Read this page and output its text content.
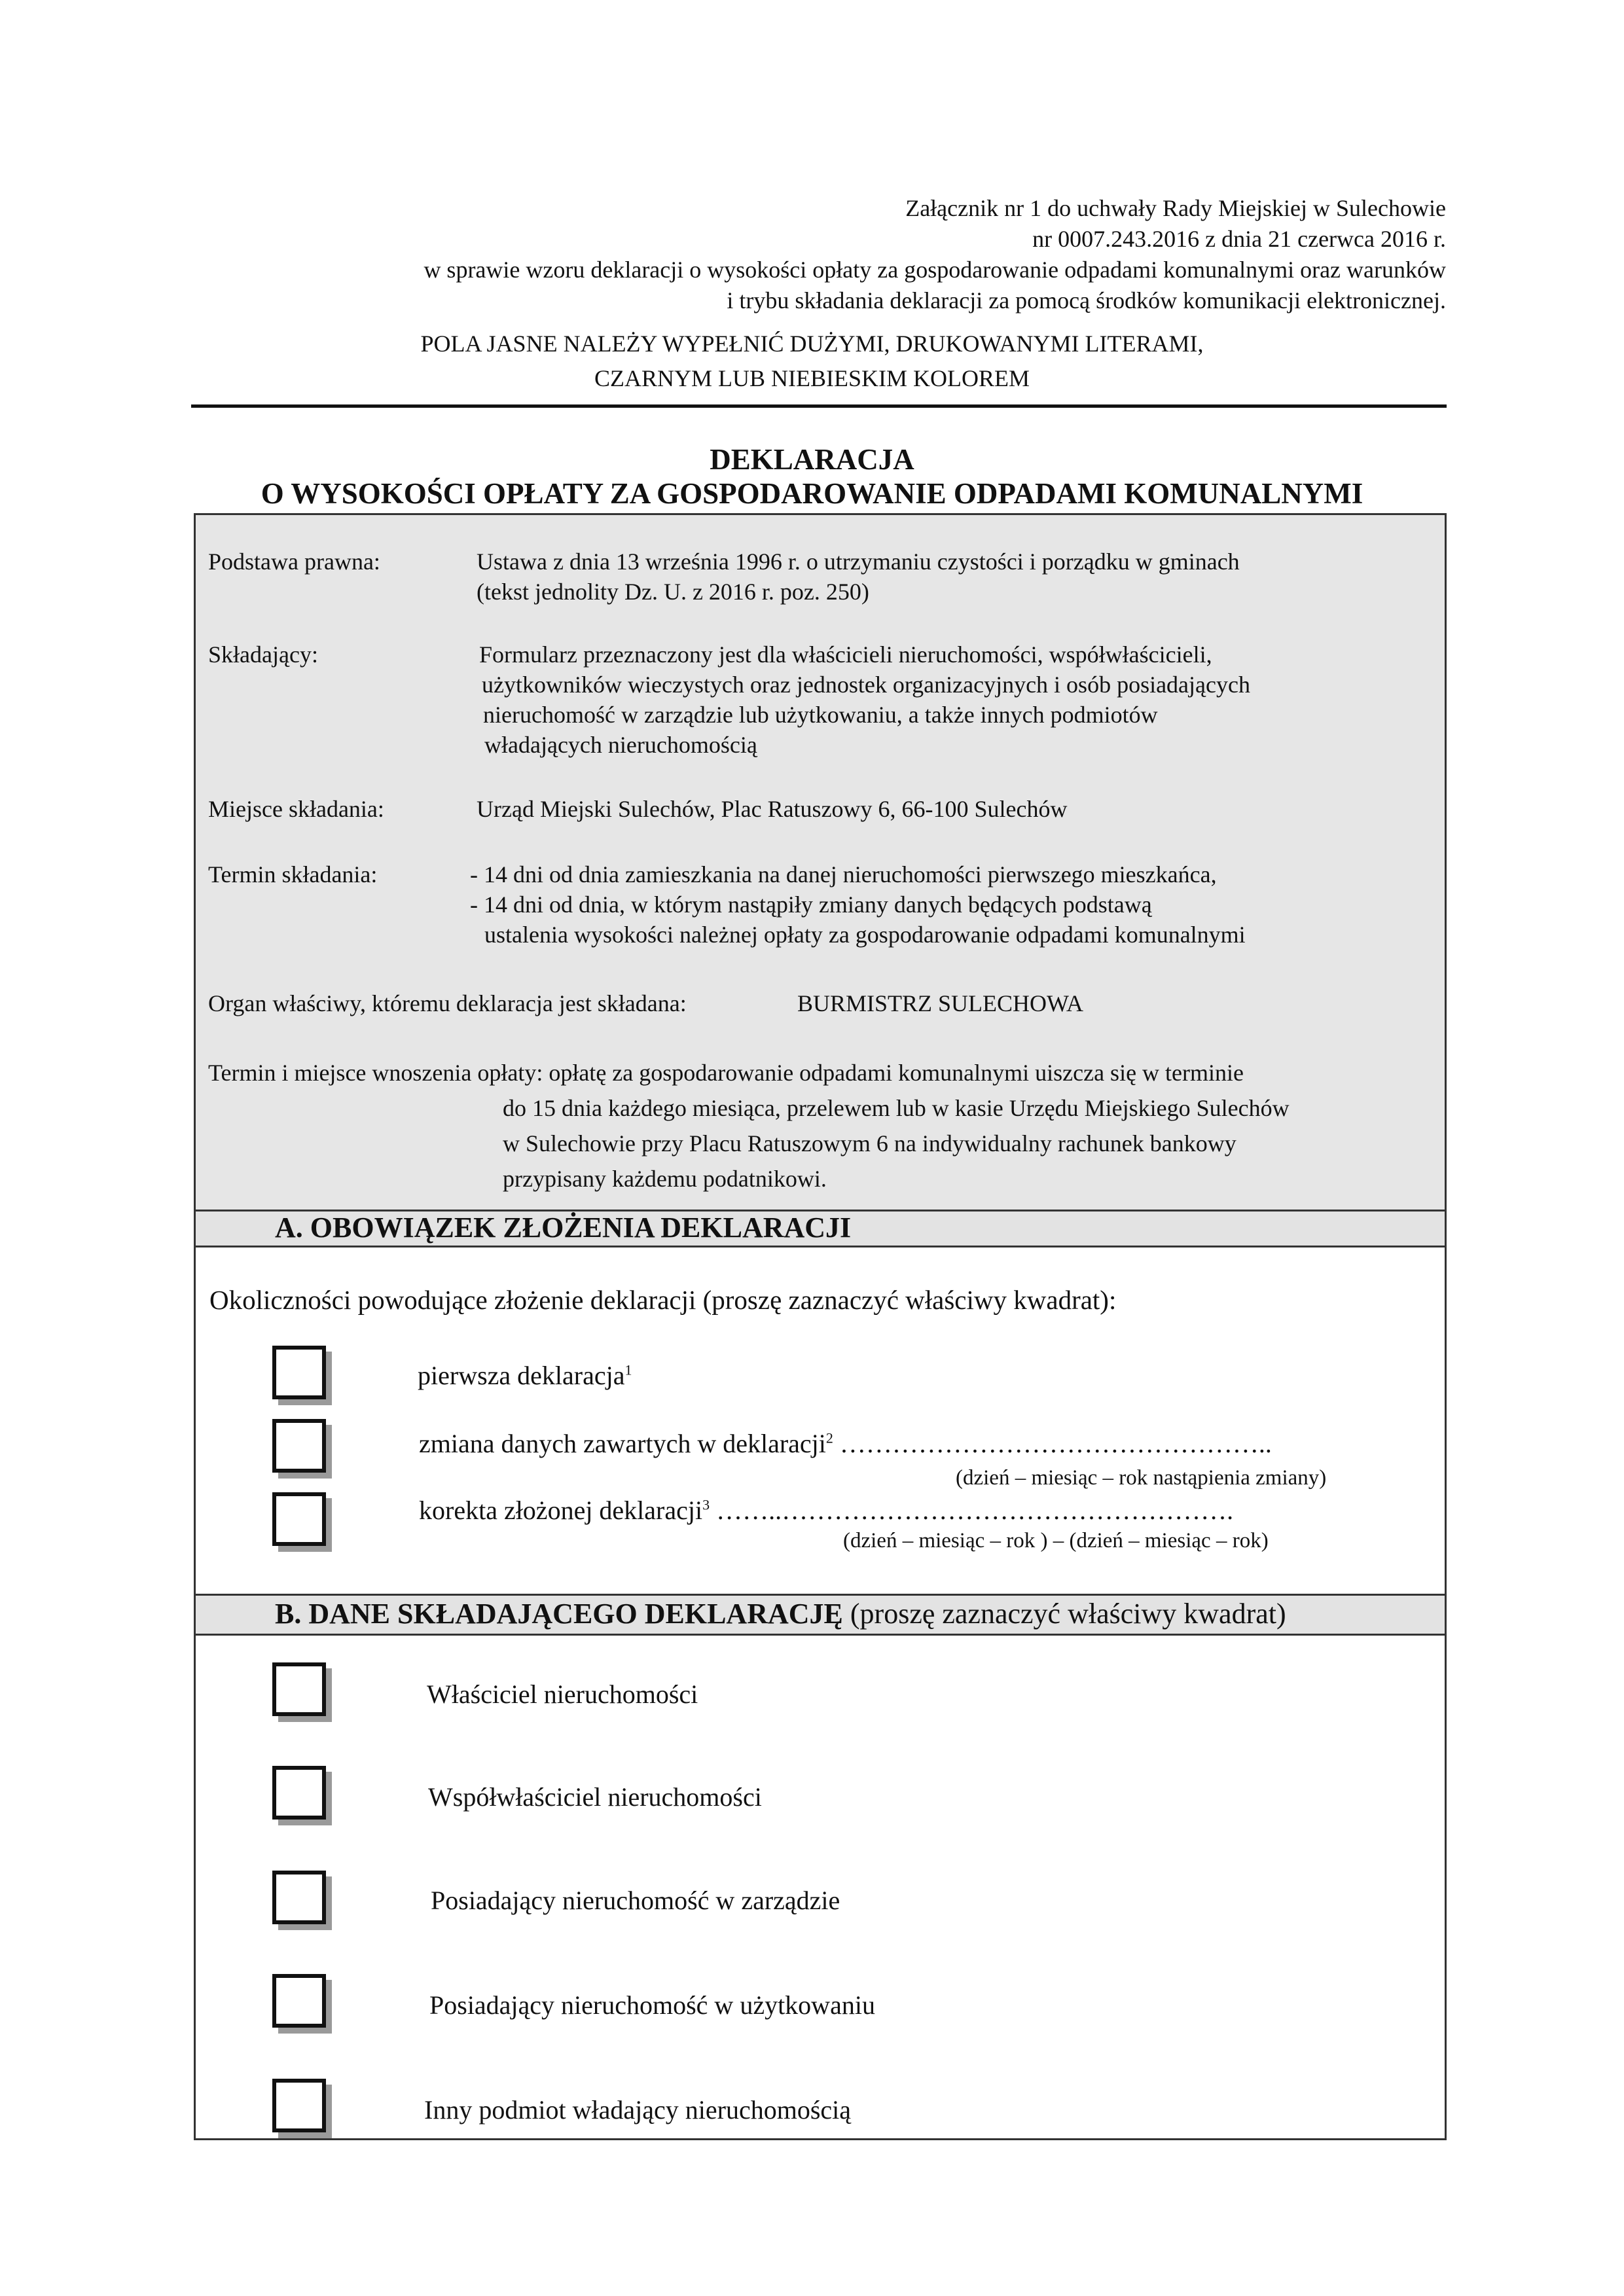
Załącznik nr 1 do uchwały Rady Miejskiej w Sulechowie
nr 0007.243.2016 z dnia 21 czerwca 2016 r.
w sprawie wzoru deklaracji o wysokości opłaty za gospodarowanie odpadami komunalnymi oraz warunków
i trybu składania deklaracji za pomocą środków komunikacji elektronicznej.
POLA JASNE NALEŻY WYPEŁNIĆ DUŻYMI, DRUKOWANYMI LITERAMI,
CZARNYM LUB NIEBIESKIM KOLOREM
DEKLARACJA
O WYSOKOŚCI OPŁATY ZA GOSPODAROWANIE ODPADAMI KOMUNALNYMI
Podstawa prawna:	Ustawa z dnia 13 września 1996 r. o utrzymaniu czystości i porządku w gminach
(tekst jednolity Dz. U. z 2016 r. poz. 250)
Składający:	Formularz przeznaczony jest dla właścicieli nieruchomości, współwłaścicieli,
użytkowników wieczystych oraz jednostek organizacyjnych i osób posiadających
nieruchomość w zarządzie lub użytkowaniu, a także innych podmiotów
władających nieruchomością
Miejsce składania:	Urząd Miejski Sulechów, Plac Ratuszowy 6, 66-100 Sulechów
Termin składania:	- 14 dni od dnia zamieszkania na danej nieruchomości pierwszego mieszkańca,
- 14 dni od dnia, w którym nastąpiły zmiany danych będących podstawą
ustalenia wysokości należnej opłaty za gospodarowanie odpadami komunalnymi
Organ właściwy, któremu deklaracja jest składana:	BURMISTRZ SULECHOWA
Termin i miejsce wnoszenia opłaty: opłatę za gospodarowanie odpadami komunalnymi uiszcza się w terminie
do 15 dnia każdego miesiąca, przelewem lub w kasie Urzędu Miejskiego Sulechów
w Sulechowie przy Placu Ratuszowym 6 na indywidualny rachunek bankowy
przypisany każdemu podatnikowi.
A. OBOWIĄZEK ZŁOŻENIA DEKLARACJI
Okoliczności powodujące złożenie deklaracji (proszę zaznaczyć właściwy kwadrat):
pierwsza deklaracja$^1$
zmiana danych zawartych w deklaracji$^2$ …………………………………………..
(dzień – miesiąc – rok nastąpienia zmiany)
korekta złożonej deklaracji$^3$ ……..…………………………………………….
(dzień – miesiąc – rok ) – (dzień – miesiąc – rok)
B. DANE SKŁADAJĄCEGO DEKLARACJĘ (proszę zaznaczyć właściwy kwadrat)
Właściciel nieruchomości
Współwłaściciel nieruchomości
Posiadający nieruchomość w zarządzie
Posiadający nieruchomość w użytkowaniu
Inny podmiot władający nieruchomością
